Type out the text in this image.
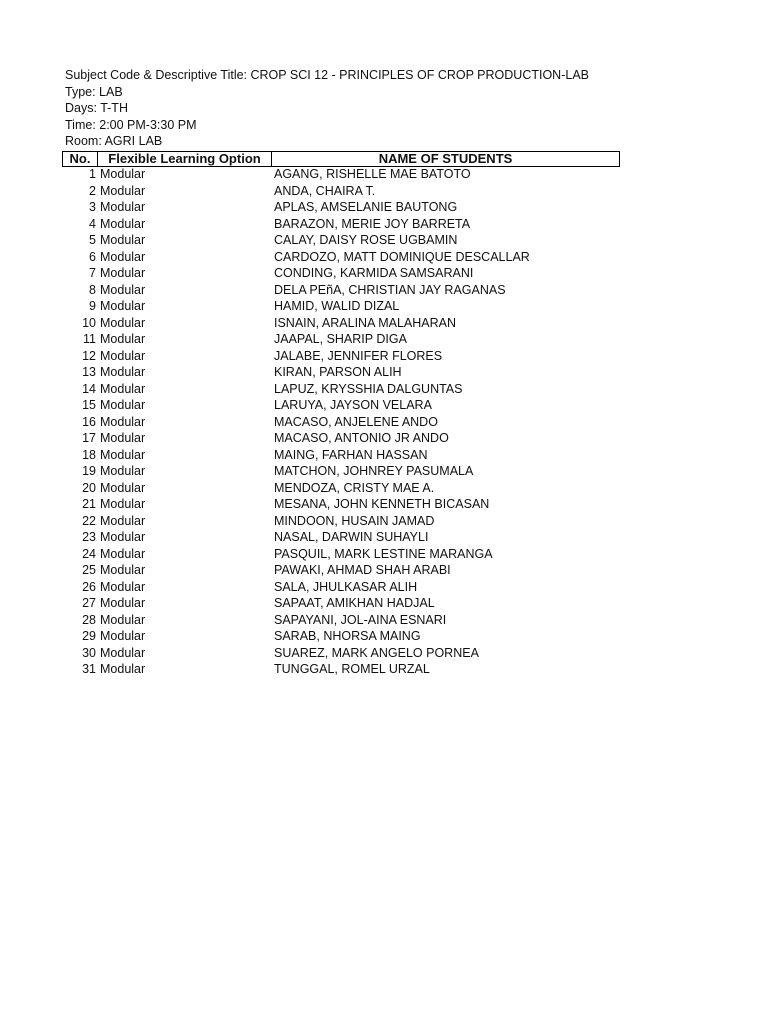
Subject Code & Descriptive Title: CROP SCI 12 - PRINCIPLES OF CROP PRODUCTION-LAB
Type: LAB
Days: T-TH
Time: 2:00 PM-3:30 PM
Room: AGRI LAB
No.	Flexible Learning Option	NAME OF STUDENTS
1 Modular	AGANG, RISHELLE MAE BATOTO
2 Modular	ANDA, CHAIRA T.
3 Modular	APLAS, AMSELANIE BAUTONG
4 Modular	BARAZON, MERIE JOY BARRETA
5 Modular	CALAY, DAISY ROSE UGBAMIN
6 Modular	CARDOZO, MATT DOMINIQUE DESCALLAR
7 Modular	CONDING, KARMIDA SAMSARANI
8 Modular	DELA PEñA, CHRISTIAN JAY RAGANAS
9 Modular	HAMID, WALID DIZAL
10 Modular	ISNAIN, ARALINA MALAHARAN
11 Modular	JAAPAL, SHARIP DIGA
12 Modular	JALABE, JENNIFER FLORES
13 Modular	KIRAN, PARSON ALIH
14 Modular	LAPUZ, KRYSSHIA DALGUNTAS
15 Modular	LARUYA, JAYSON VELARA
16 Modular	MACASO, ANJELENE ANDO
17 Modular	MACASO, ANTONIO JR ANDO
18 Modular	MAING, FARHAN HASSAN
19 Modular	MATCHON, JOHNREY PASUMALA
20 Modular	MENDOZA, CRISTY MAE A.
21 Modular	MESANA, JOHN KENNETH BICASAN
22 Modular	MINDOON, HUSAIN JAMAD
23 Modular	NASAL, DARWIN SUHAYLI
24 Modular	PASQUIL, MARK LESTINE MARANGA
25 Modular	PAWAKI, AHMAD SHAH ARABI
26 Modular	SALA, JHULKASAR ALIH
27 Modular	SAPAAT, AMIKHAN HADJAL
28 Modular	SAPAYANI, JOL-AINA ESNARI
29 Modular	SARAB, NHORSA MAING
30 Modular	SUAREZ, MARK ANGELO PORNEA
31 Modular	TUNGGAL, ROMEL URZAL
